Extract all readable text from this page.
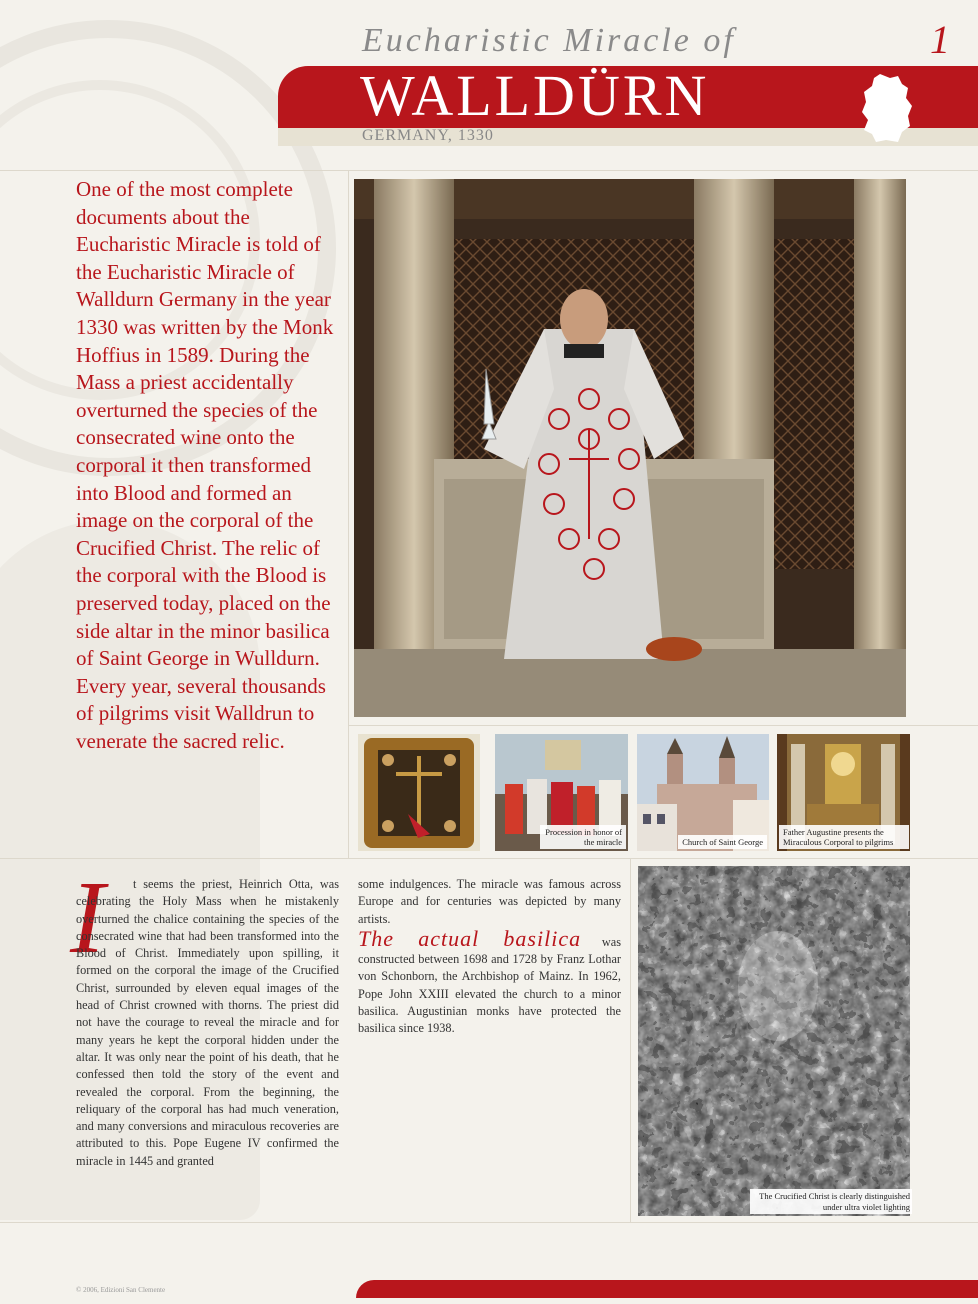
Eucharistic Miracle of
WALLDÜRN
GERMANY, 1330
1

One of the most complete documents about the Eucharistic Miracle is told of the Eucharistic Miracle of Walldurn Germany in the year 1330 was written by the Monk Hoffius in 1589. During the Mass a priest accidentally overturned the species of the consecrated wine onto the corporal it then transformed into Blood and formed an image on the corporal of the Crucified Christ. The relic of the corporal with the Blood is preserved today, placed on the side altar in the minor basilica of Saint George in Wulldurn. Every year, several thousands of pilgrims visit Walldrun to venerate the sacred relic.

Procession in honor of the miracle	Church of Saint George
Father Augustine presents the Miraculous Corporal to pilgrims
I	t seems the priest, Heinrich Otta, was celebrating the Holy Mass when he mistakenly overturned the chalice containing the species of the consecrated wine that had been transformed into the Blood of Christ. Immediately upon spilling, it formed on the corporal the image of the Crucified Christ, surrounded by eleven equal images of the head of Christ crowned with thorns. The priest did not have the courage to reveal the miracle and for many years he kept the corporal hidden under the altar. It was only near the point of his death, that he confessed then told the story of the event and revealed the corporal. From the beginning, the reliquary of the corporal has had much veneration, and many conversions and miraculous recoveries are attributed to this. Pope Eugene IV confirmed the miracle in 1445 and granted

some indulgences. The miracle was famous across Europe and for centuries was depicted by many artists.

The actual basilica was constructed between 1698 and 1728 by Franz Lothar von Schonborn, the Archbishop of Mainz. In 1962, Pope John XXIII elevated the church to a minor basilica. Augustinian monks have protected the basilica since 1938.

The Crucified Christ is clearly distinguished under ultra violet lighting
© 2006, Edizioni San Clemente
